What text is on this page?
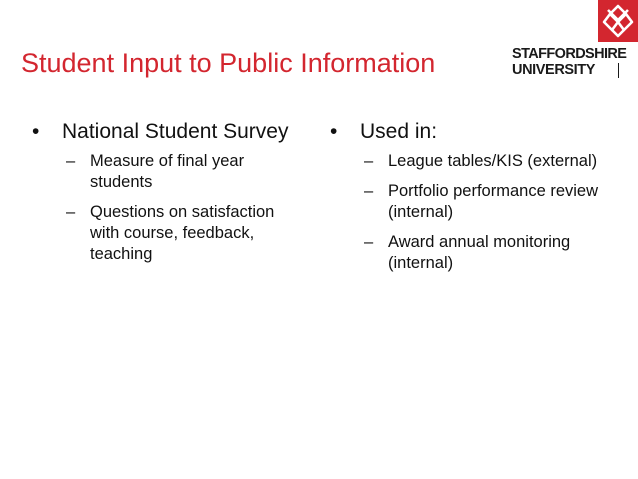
Student Input to Public Information	STAFFORDSHIRE
UNIVERSITY
• National Student Survey
– Measure of final year students
– Questions on satisfaction with course, feedback, teaching
• Used in:
– League tables/KIS (external)
– Portfolio performance review (internal)
– Award annual monitoring (internal)
